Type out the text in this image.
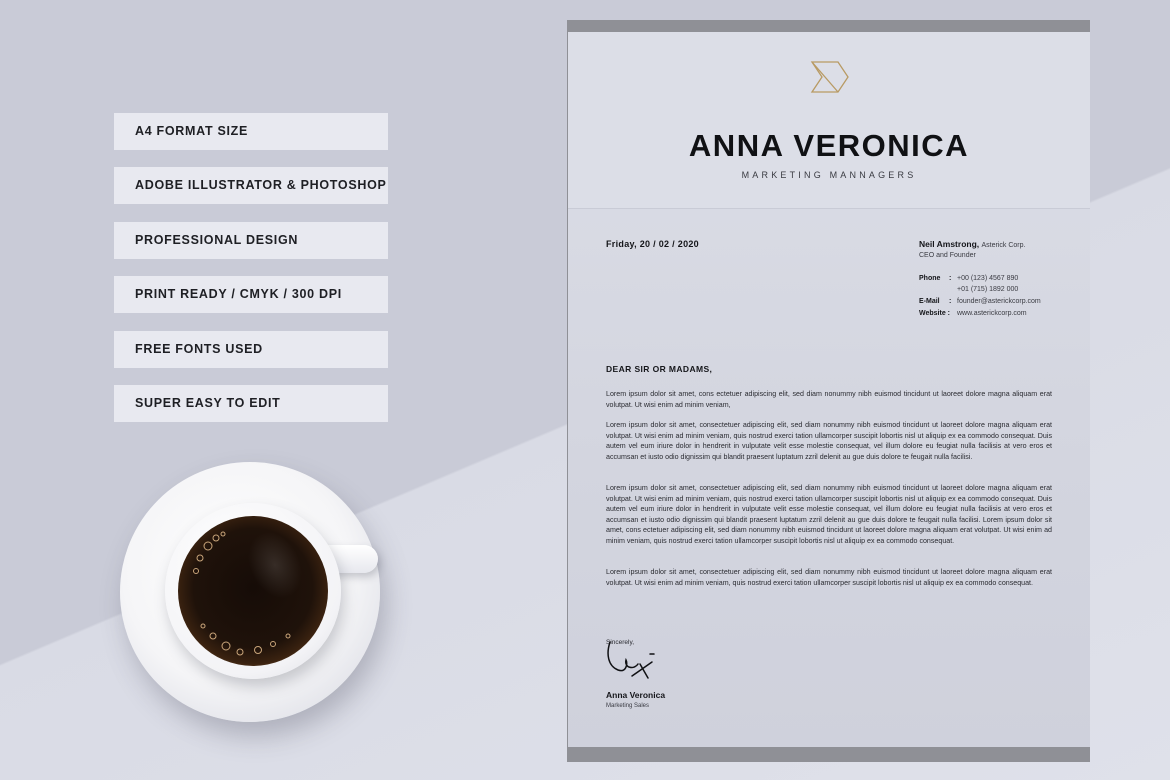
A4 FORMAT SIZE
ADOBE ILLUSTRATOR & PHOTOSHOP
PROFESSIONAL DESIGN
PRINT READY / CMYK / 300 DPI
FREE FONTS USED
SUPER EASY TO EDIT
ANNA VERONICA
MARKETING MANNAGERS
Friday, 20 / 02 / 2020	Neil Amstrong, Asterick Corp.
CEO and Founder
Phone : +00 (123) 4567 890
+01 (715) 1892 000
E-Mail : founder@asterickcorp.com
Website : www.asterickcorp.com
DEAR SIR OR MADAMS,

Lorem ipsum dolor sit amet, cons ectetuer adipiscing elit, sed diam nonummy nibh euismod tincidunt ut laoreet dolore magna aliquam erat volutpat. Ut wisi enim ad minim veniam,

Lorem ipsum dolor sit amet, consectetuer adipiscing elit, sed diam nonummy nibh euismod tincidunt ut laoreet dolore magna aliquam erat volutpat. Ut wisi enim ad minim veniam, quis nostrud exerci tation ullamcorper suscipit lobortis nisl ut aliquip ex ea commodo consequat. Duis autem vel eum iriure dolor in hendrerit in vulputate velit esse molestie consequat, vel illum dolore eu feugiat nulla facilisis at vero eros et accumsan et iusto odio dignissim qui blandit praesent luptatum zzril delenit au gue duis dolore te feugait nulla facilisi.

Lorem ipsum dolor sit amet, consectetuer adipiscing elit, sed diam nonummy nibh euismod tincidunt ut laoreet dolore magna aliquam erat volutpat. Ut wisi enim ad minim veniam, quis nostrud exerci tation ullamcorper suscipit lobortis nisl ut aliquip ex ea commodo consequat. Duis autem vel eum iriure dolor in hendrerit in vulputate velit esse molestie consequat, vel illum dolore eu feugiat nulla facilisis at vero eros et accumsan et iusto odio dignissim qui blandit praesent luptatum zzril delenit au gue duis dolore te feugait nulla facilisi. Lorem ipsum dolor sit amet, cons ectetuer adipiscing elit, sed diam nonummy nibh euismod tincidunt ut laoreet dolore magna aliquam erat volutpat. Ut wisi enim ad minim veniam, quis nostrud exerci tation ullamcorper suscipit lobortis nisl ut aliquip ex ea commodo consequat.

Lorem ipsum dolor sit amet, consectetuer adipiscing elit, sed diam nonummy nibh euismod tincidunt ut laoreet dolore magna aliquam erat volutpat. Ut wisi enim ad minim veniam, quis nostrud exerci tation ullamcorper suscipit lobortis nisl ut aliquip ex ea commodo consequat.

Sincerely,
Anna Veronica
Marketing Sales
